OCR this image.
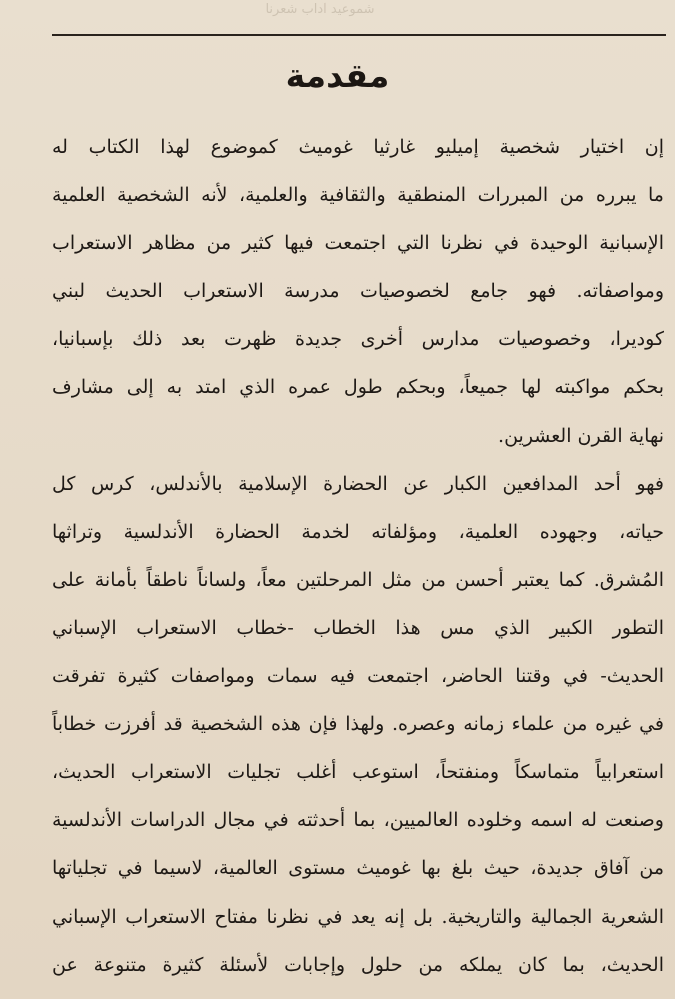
شموعيد آداب شعرنا
مقدمة
إن اختيار شخصية إميليو غارثيا غوميث كموضوع لهذا الكتاب له
ما يبرره من المبررات المنطقية والثقافية والعلمية، لأنه الشخصية العلمية
الإسبانية الوحيدة في نظرنا التي اجتمعت فيها كثير من مظاهر الاستعراب
ومواصفاته. فهو جامع لخصوصيات مدرسة الاستعراب الحديث لبني
كوديرا، وخصوصيات مدارس أخرى جديدة ظهرت بعد ذلك بإسبانيا،
بحكم مواكبته لها جميعاً، وبحكم طول عمره الذي امتد به إلى مشارف
نهاية القرن العشرين.
فهو أحد المدافعين الكبار عن الحضارة الإسلامية بالأندلس، كرس كل
حياته، وجهوده العلمية، ومؤلفاته لخدمة الحضارة الأندلسية وتراثها
المُشرق. كما يعتبر أحسن من مثل المرحلتين معاً، ولساناً ناطقاً بأمانة على
التطور الكبير الذي مس هذا الخطاب -خطاب الاستعراب الإسباني
الحديث- في وقتنا الحاضر، اجتمعت فيه سمات ومواصفات كثيرة تفرقت
في غيره من علماء زمانه وعصره. ولهذا فإن هذه الشخصية قد أفرزت خطاباً
استعرابياً متماسكاً ومنفتحاً، استوعب أغلب تجليات الاستعراب الحديث،
وصنعت له اسمه وخلوده العالميين، بما أحدثته في مجال الدراسات الأندلسية
من آفاق جديدة، حيث بلغ بها غوميث مستوى العالمية، لاسيما في تجلياتها
الشعرية الجمالية والتاريخية. بل إنه يعد في نظرنا مفتاح الاستعراب الإسباني
الحديث، بما كان يملكه من حلول وإجابات لأسئلة كثيرة متنوعة عن
